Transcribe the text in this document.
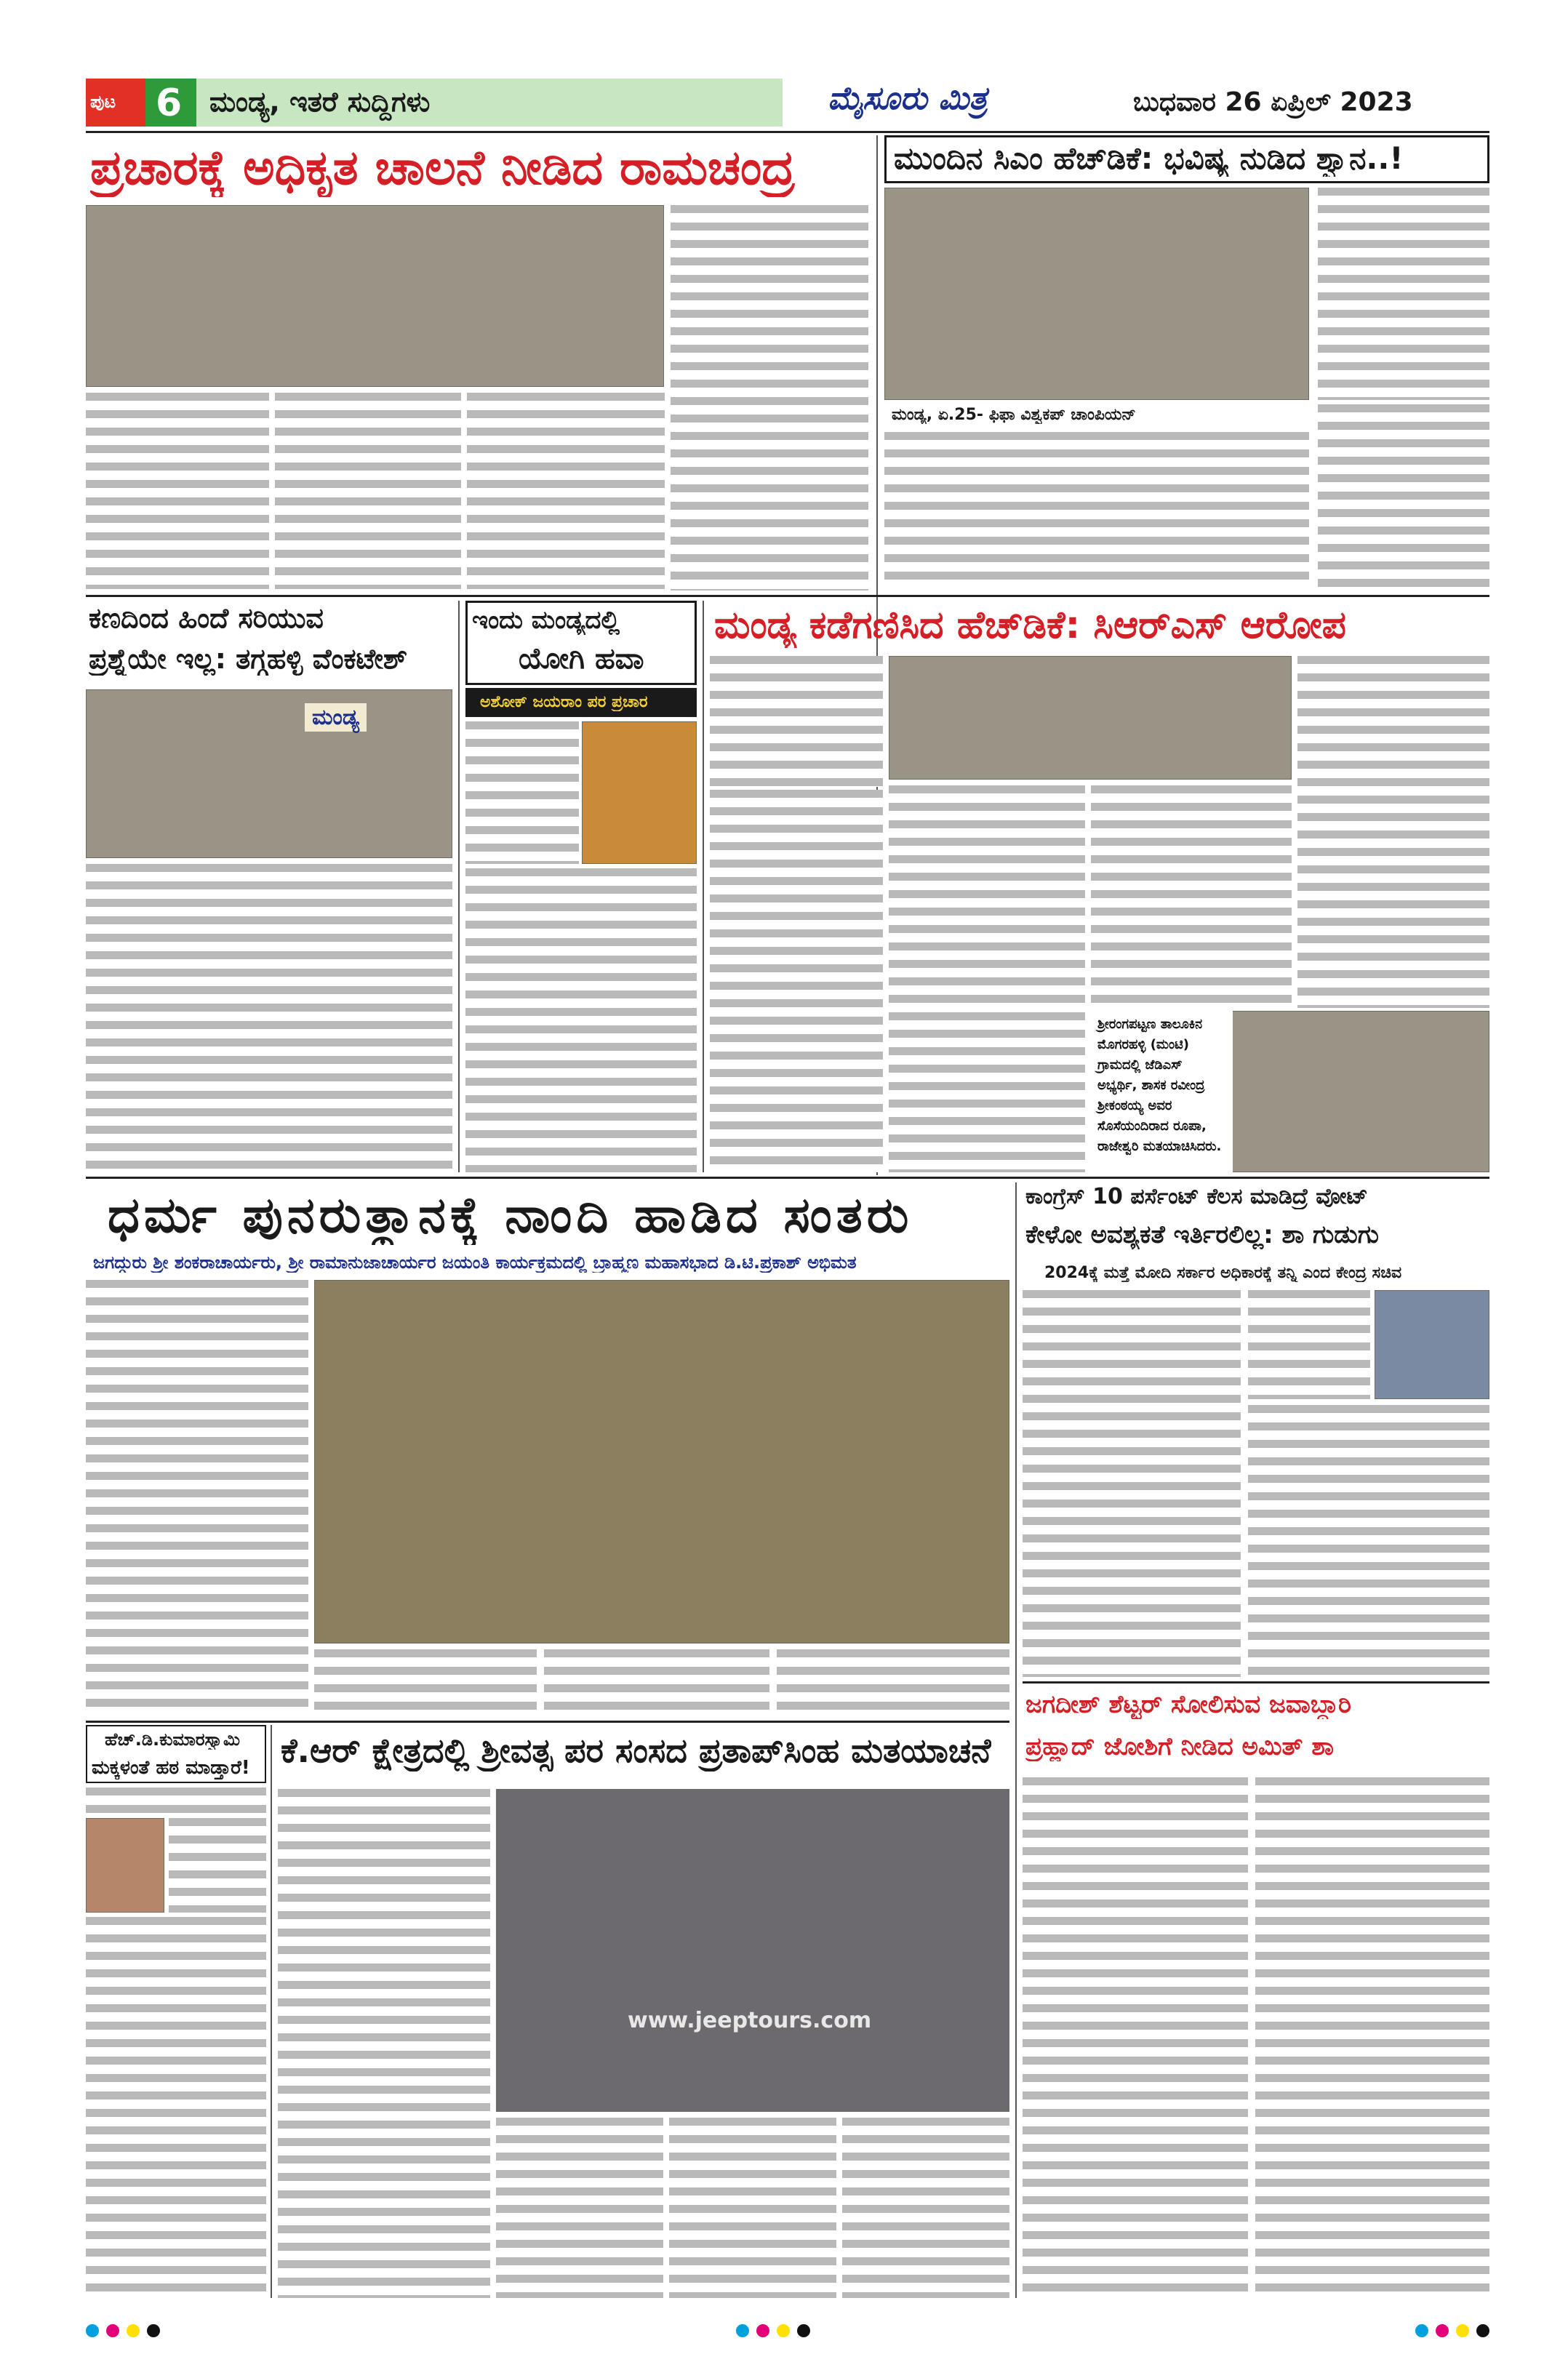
ಪುಟ 6 ಮಂಡ್ಯ, ಇತರೆ ಸುದ್ದಿಗಳು	ಮೈಸೂರು ಮಿತ್ರ	ಬುಧವಾರ 26 ಏಪ್ರಿಲ್ 2023
ಪ್ರಚಾರಕ್ಕೆ ಅಧಿಕೃತ ಚಾಲನೆ ನೀಡಿದ ರಾಮಚಂದ್ರ	ಮುಂದಿನ ಸಿಎಂ ಹೆಚ್‌ಡಿಕೆ: ಭವಿಷ್ಯ ನುಡಿದ ಶ್ವಾನ..!
ಮಂಡ್ಯ, ಏ.25- ಫಿಫಾ ವಿಶ್ವಕಪ್ ಚಾಂಪಿಯನ್
ಕಣದಿಂದ ಹಿಂದೆ ಸರಿಯುವ
ಪ್ರಶ್ನೆಯೇ ಇಲ್ಲ: ತಗ್ಗಹಳ್ಳಿ ವೆಂಕಟೇಶ್
ಮಂಡ್ಯ
ಇಂದು ಮಂಡ್ಯದಲ್ಲಿ
ಯೋಗಿ ಹವಾ
ಅಶೋಕ್ ಜಯರಾಂ ಪರ ಪ್ರಚಾರ
ಮಂಡ್ಯ ಕಡೆಗಣಿಸಿದ ಹೆಚ್‌ಡಿಕೆ: ಸಿಆರ್‌ಎಸ್ ಆರೋಪ
ಶ್ರೀರಂಗಪಟ್ಟಣ ತಾಲೂಕಿನ ಮೊಗರಹಳ್ಳಿ (ಮಂಟಿ) ಗ್ರಾಮದಲ್ಲಿ ಜೆಡಿಎಸ್ ಅಭ್ಯರ್ಥಿ, ಶಾಸಕ ರವೀಂದ್ರ ಶ್ರೀಕಂಠಯ್ಯ ಅವರ ಸೊಸೆಯಂದಿರಾದ ರೂಪಾ, ರಾಜೇಶ್ವರಿ ಮತಯಾಚಿಸಿದರು.
ಧರ್ಮ ಪುನರುತ್ಥಾನಕ್ಕೆ ನಾಂದಿ ಹಾಡಿದ ಸಂತರು
ಜಗದ್ಗುರು ಶ್ರೀ ಶಂಕರಾಚಾರ್ಯರು, ಶ್ರೀ ರಾಮಾನುಜಾಚಾರ್ಯರ ಜಯಂತಿ ಕಾರ್ಯಕ್ರಮದಲ್ಲಿ ಬ್ರಾಹ್ಮಣ ಮಹಾಸಭಾದ ಡಿ.ಟಿ.ಪ್ರಕಾಶ್ ಅಭಿಮತ
ಕಾಂಗ್ರೆಸ್ 10 ಪರ್ಸೆಂಟ್ ಕೆಲಸ ಮಾಡಿದ್ರೆ ವೋಟ್
ಕೇಳೋ ಅವಶ್ಯಕತೆ ಇರ್ತಿರಲಿಲ್ಲ: ಶಾ ಗುಡುಗು
2024ಕ್ಕೆ ಮತ್ತೆ ಮೋದಿ ಸರ್ಕಾರ ಅಧಿಕಾರಕ್ಕೆ ತನ್ನಿ ಎಂದ ಕೇಂದ್ರ ಸಚಿವ
ಜಗದೀಶ್ ಶೆಟ್ಟರ್ ಸೋಲಿಸುವ ಜವಾಬ್ದಾರಿ
ಪ್ರಹ್ಲಾದ್ ಜೋಶಿಗೆ ನೀಡಿದ ಅಮಿತ್ ಶಾ
ಹೆಚ್.ಡಿ.ಕುಮಾರಸ್ವಾಮಿ
ಮಕ್ಕಳಂತೆ ಹಠ ಮಾಡ್ತಾರೆ! ಕೆ.ಆರ್ ಕ್ಷೇತ್ರದಲ್ಲಿ ಶ್ರೀವತ್ಸ ಪರ ಸಂಸದ ಪ್ರತಾಪ್‌ಸಿಂಹ ಮತಯಾಚನೆ
www.jeeptours.com
